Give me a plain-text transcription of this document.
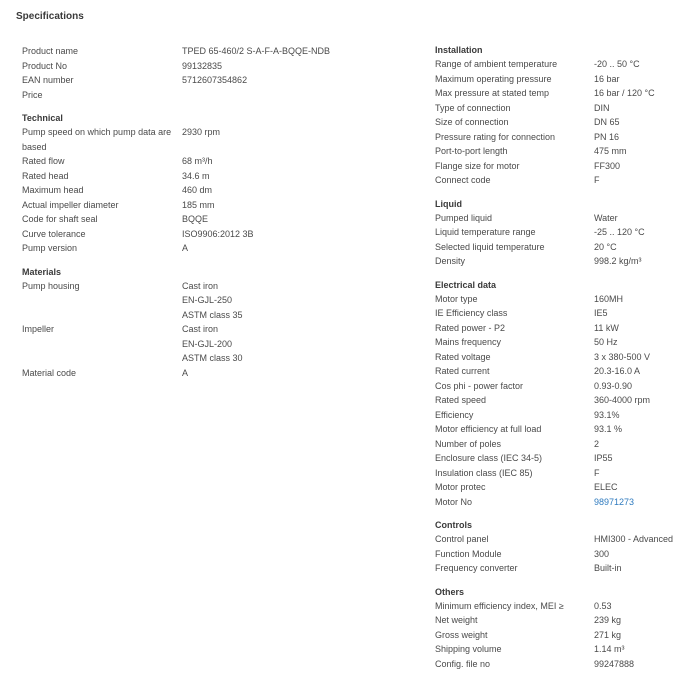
Specifications
Product name	TPED 65-460/2 S-A-F-A-BQQE-NDB
Product No	99132835
EAN number	5712607354862
Price

Technical
Pump speed on which pump data are based
2930 rpm
Rated flow	68 m³/h
Rated head	34.6 m
Maximum head	460 dm
Actual impeller diameter	185 mm
Code for shaft seal	BQQE
Curve tolerance	ISO9906:2012 3B
Pump version	A
Materials
Pump housing	Cast iron
EN-GJL-250
ASTM class 35
Impeller	Cast iron
EN-GJL-200
ASTM class 30
Material code	A
Installation
Range of ambient temperature	-20 .. 50 °C
Maximum operating pressure	16 bar
Max pressure at stated temp	16 bar / 120 °C
Type of connection	DIN
Size of connection	DN 65
Pressure rating for connection	PN 16
Port-to-port length	475 mm
Flange size for motor	FF300
Connect code	F
Liquid
Pumped liquid	Water
Liquid temperature range	-25 .. 120 °C
Selected liquid temperature	20 °C
Density	998.2 kg/m³
Electrical data
Motor type	160MH
IE Efficiency class	IE5
Rated power - P2	11 kW
Mains frequency	50 Hz
Rated voltage	3 x 380-500 V
Rated current	20.3-16.0 A
Cos phi - power factor	0.93-0.90
Rated speed	360-4000 rpm
Efficiency	93.1%
Motor efficiency at full load	93.1 %
Number of poles	2
Enclosure class (IEC 34-5)	IP55
Insulation class (IEC 85)	F
Motor protec	ELEC
Motor No	98971273
Controls
Control panel	HMI300 - Advanced
Function Module	300
Frequency converter	Built-in
Others
Minimum efficiency index, MEI ≥	0.53
Net weight	239 kg
Gross weight	271 kg
Shipping volume	1.14 m³
Config. file no	99247888
